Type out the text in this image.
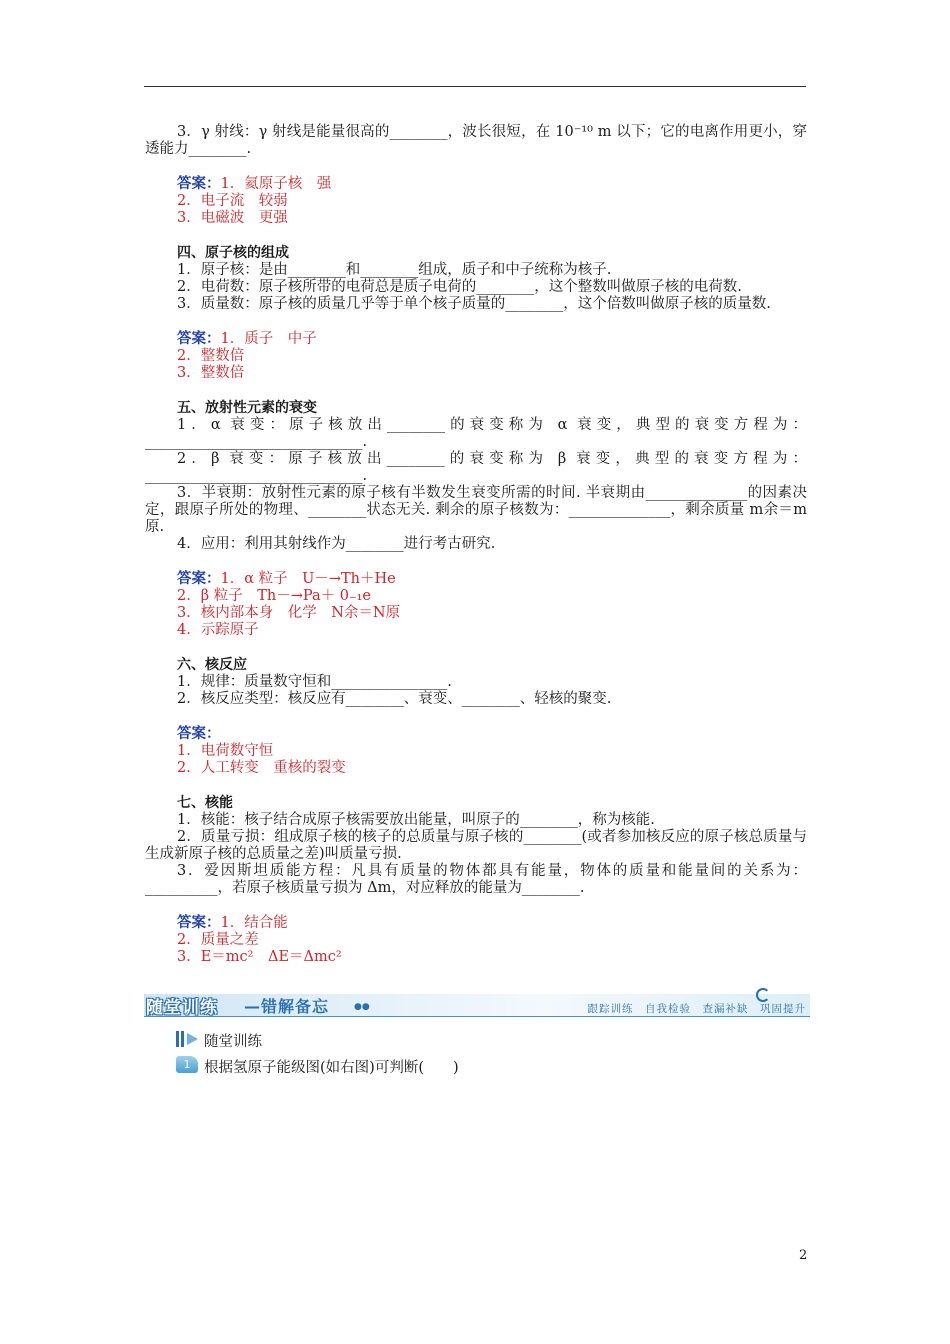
3．γ 射线：γ 射线是能量很高的________，波长很短，在 10⁻¹⁰ m 以下；它的电离作用更小，穿透能力________.

答案：1．氦原子核　强

2．电子流　较弱

3．电磁波　更强

四、原子核的组成

1．原子核：是由________和________组成，质子和中子统称为核子.

2．电荷数：原子核所带的电荷总是质子电荷的________，这个整数叫做原子核的电荷数.

3．质量数：原子核的质量几乎等于单个核子质量的________，这个倍数叫做原子核的质量数.

答案：1．质子　中子

2．整数倍

3．整数倍

五、放射性元素的衰变

1．α 衰变：原子核放出________的衰变称为 α 衰变，典型的衰变方程为：______________________________.

2．β 衰变：原子核放出________的衰变称为 β 衰变，典型的衰变方程为：______________________________.

3．半衰期：放射性元素的原子核有半数发生衰变所需的时间. 半衰期由______________的因素决定，跟原子所处的物理、________状态无关. 剩余的原子核数为：______________，剩余质量 m余＝m原.

4．应用：利用其射线作为________进行考古研究.

答案：1．α 粒子　U－→Th＋He

2．β 粒子　Th－→Pa＋ 0₋₁e

3．核内部本身　化学　N余＝N原

4．示踪原子

六、核反应

1．规律：质量数守恒和________________.

2．核反应类型：核反应有________、衰变、________、轻核的聚变.

答案：

1．电荷数守恒

2．人工转变　重核的裂变

七、核能

1．核能：核子结合成原子核需要放出能量，叫原子的________，称为核能.

2．质量亏损：组成原子核的核子的总质量与原子核的________(或者参加核反应的原子核总质量与生成新原子核的总质量之差)叫质量亏损.

3．爱因斯坦质能方程：凡具有质量的物体都具有能量，物体的质量和能量间的关系为：__________，若原子核质量亏损为 Δm，对应释放的能量为________.

答案：1．结合能

2．质量之差

3．E＝mc²　ΔE＝Δmc²

随堂训练 —错解备忘	●●	跟踪训练　自我检验　查漏补缺　巩固提升
随堂训练
1 根据氢原子能级图(如右图)可判断(　　)
2
